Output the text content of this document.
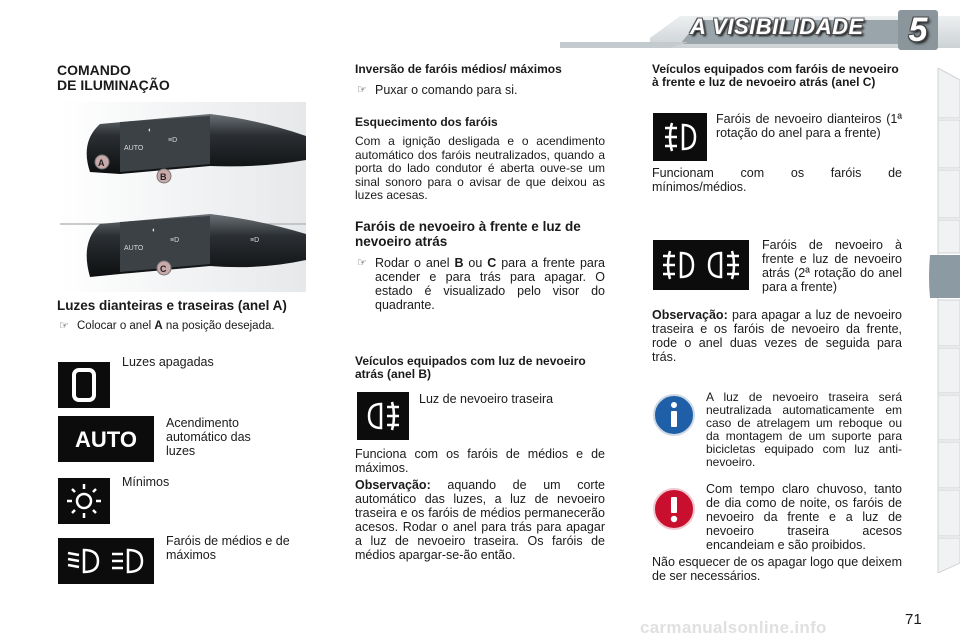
A VISIBILIDADE	5
COMANDO
DE ILUMINAÇÃO
AUTO
◐
≡D
AUTO
◐
≡D	≡D
A
B
C
Luzes dianteiras e traseiras (anel A)
☞ Colocar o anel A na posição desejada.
Luzes apagadas
AUTO
Acendimento automático das luzes
Mínimos
Faróis de médios e de máximos
Inversão de faróis médios/ máximos
☞ Puxar o comando para si.
Esquecimento dos faróis
Com a ignição desligada e o acendimento automático dos faróis neutralizados, quando a porta do lado condutor é aberta ouve-se um sinal sonoro para o avisar de que deixou as luzes acesas.
Faróis de nevoeiro à frente e luz de nevoeiro atrás
☞ Rodar o anel B ou C para a frente para acender e para trás para apagar. O estado é visualizado pelo visor do quadrante.
Veículos equipados com luz de nevoeiro atrás (anel B)
Luz de nevoeiro traseira
Funciona com os faróis de médios e de máximos.
Observação: aquando de um corte automático das luzes, a luz de nevoeiro traseira e os faróis de médios permanecerão acesos. Rodar o anel para trás para apagar a luz de nevoeiro traseira. Os faróis de médios apargar-se-ão então.
Veículos equipados com faróis de nevoeiro à frente e luz de nevoeiro atrás (anel C)
Faróis de nevoeiro dianteiros (1ª rotação do anel para a frente)
Funcionam com os faróis de mínimos/médios.
Faróis de nevoeiro à frente e luz de nevoeiro atrás (2ª rotação do anel para a frente)
Observação: para apagar a luz de nevoeiro traseira e os faróis de nevoeiro da frente, rode o anel duas vezes de seguida para trás.
A luz de nevoeiro traseira será neutralizada automaticamente em caso de atrelagem um reboque ou da montagem de um suporte para bicicletas equipado com luz anti-nevoeiro.
Com tempo claro chuvoso, tanto de dia como de noite, os faróis de nevoeiro da frente e a luz de nevoeiro traseira acesos encandeiam e são proibidos.
Não esquecer de os apagar logo que deixem de ser necessários.
carmanualsonline.info	71
